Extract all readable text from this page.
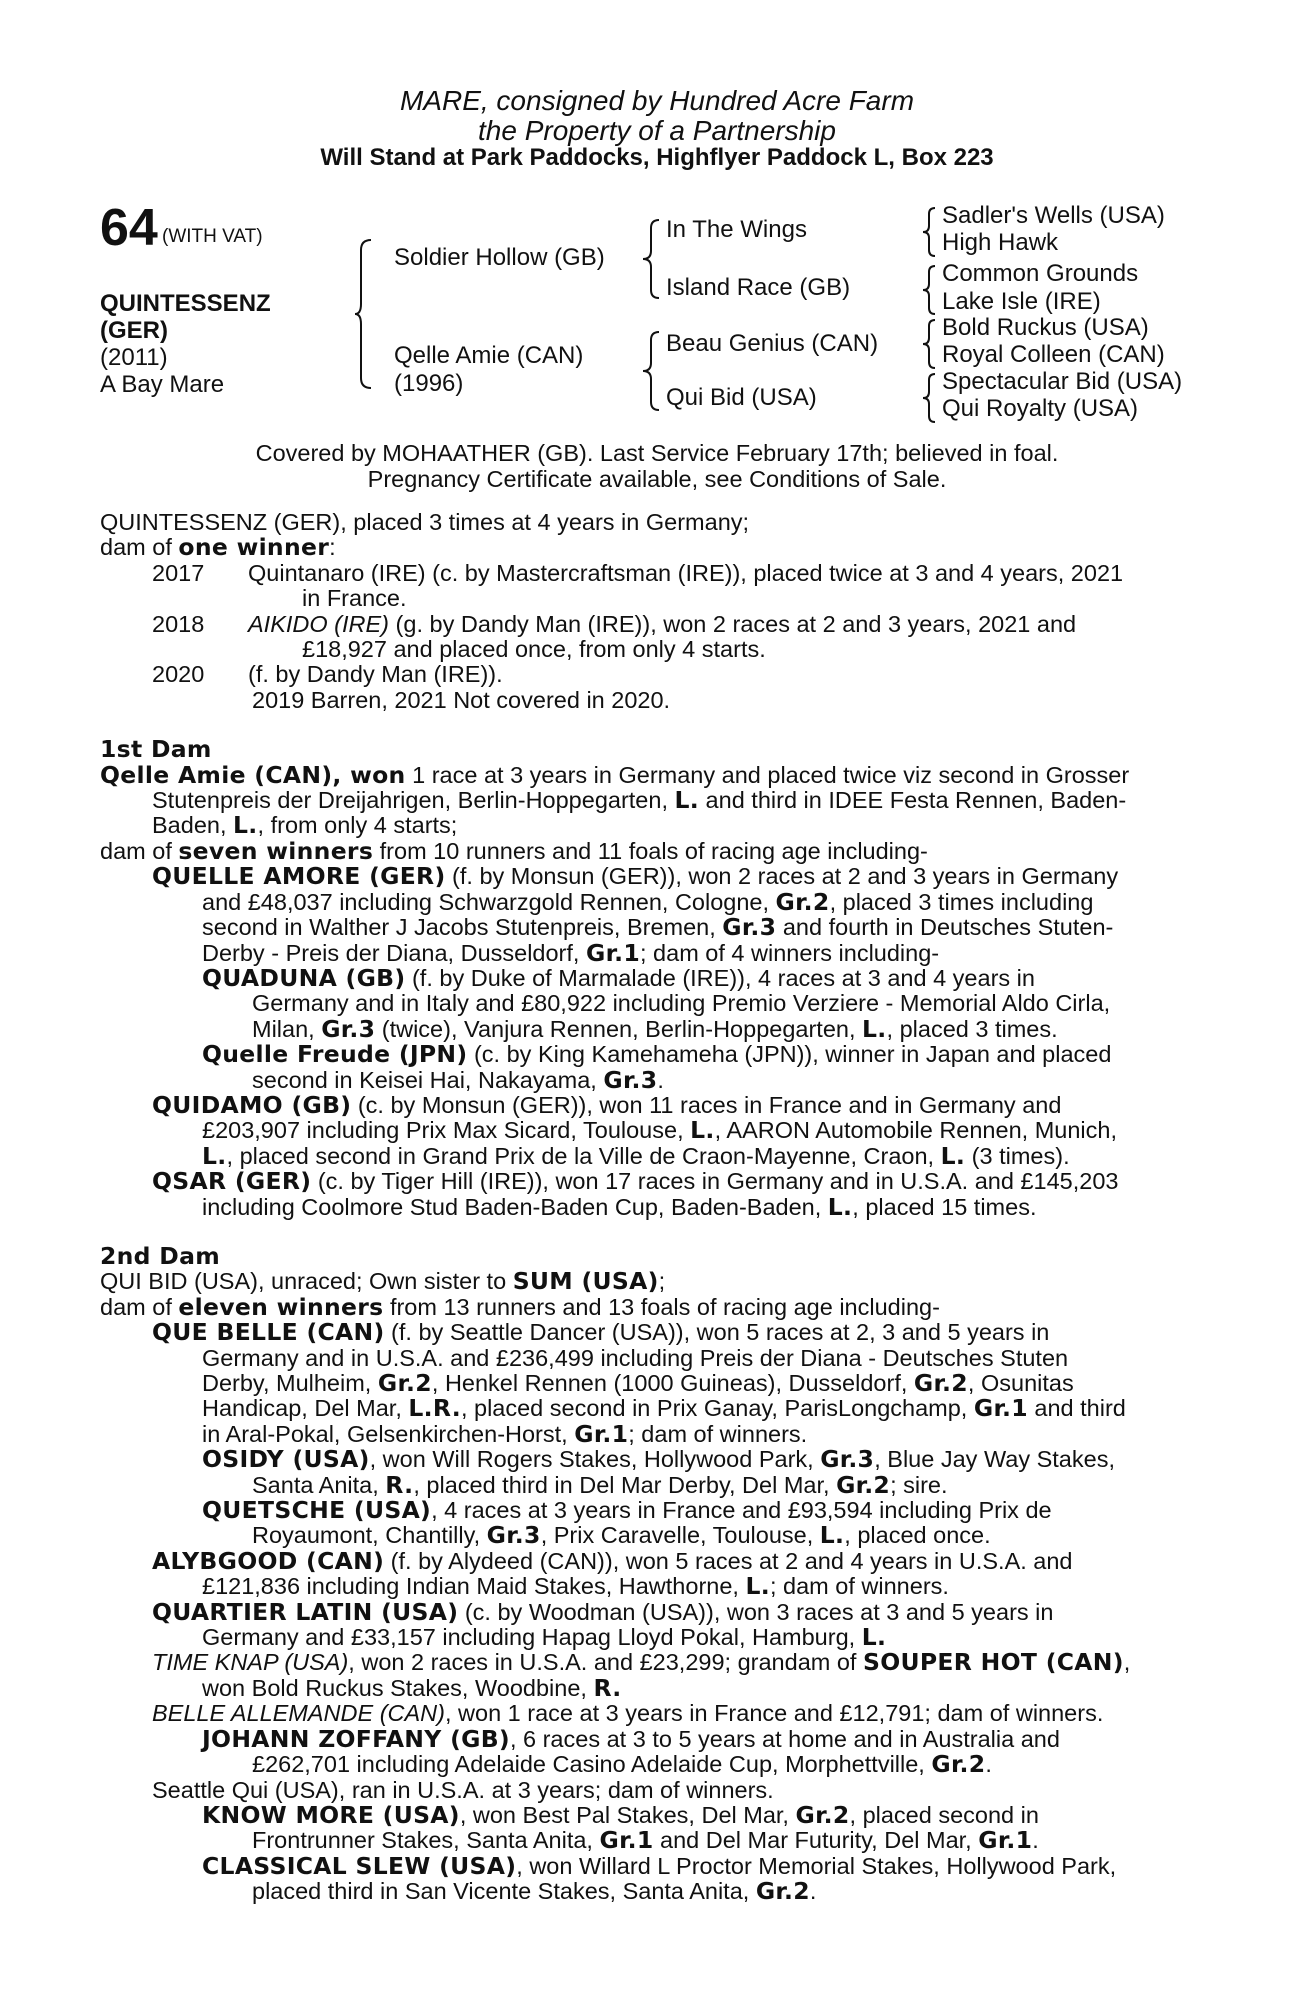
MARE, consigned by Hundred Acre Farm
the Property of a Partnership
Will Stand at Park Paddocks, Highflyer Paddock L, Box 223
64 (WITH VAT)
QUINTESSENZ
(GER)
(2011)
A Bay Mare
Soldier Hollow (GB)
Qelle Amie (CAN)
(1996)
In The Wings
Island Race (GB)
Beau Genius (CAN)
Qui Bid (USA)
Sadler's Wells (USA)
High Hawk
Common Grounds
Lake Isle (IRE)
Bold Ruckus (USA)
Royal Colleen (CAN)
Spectacular Bid (USA)
Qui Royalty (USA)
Covered by MOHAATHER (GB). Last Service February 17th; believed in foal.
Pregnancy Certificate available, see Conditions of Sale.
QUINTESSENZ (GER), placed 3 times at 4 years in Germany;
dam of one winner:
2017 Quintanaro (IRE) (c. by Mastercraftsman (IRE)), placed twice at 3 and 4 years, 2021
in France.
2018 AIKIDO (IRE) (g. by Dandy Man (IRE)), won 2 races at 2 and 3 years, 2021 and
£18,927 and placed once, from only 4 starts.
2020 (f. by Dandy Man (IRE)).
2019 Barren, 2021 Not covered in 2020.
1st Dam
Qelle Amie (CAN), won 1 race at 3 years in Germany and placed twice viz second in Grosser
Stutenpreis der Dreijahrigen, Berlin-Hoppegarten, L. and third in IDEE Festa Rennen, Baden-
Baden, L., from only 4 starts;
dam of seven winners from 10 runners and 11 foals of racing age including-
QUELLE AMORE (GER) (f. by Monsun (GER)), won 2 races at 2 and 3 years in Germany
and £48,037 including Schwarzgold Rennen, Cologne, Gr.2, placed 3 times including
second in Walther J Jacobs Stutenpreis, Bremen, Gr.3 and fourth in Deutsches Stuten-
Derby - Preis der Diana, Dusseldorf, Gr.1; dam of 4 winners including-
QUADUNA (GB) (f. by Duke of Marmalade (IRE)), 4 races at 3 and 4 years in
Germany and in Italy and £80,922 including Premio Verziere - Memorial Aldo Cirla,
Milan, Gr.3 (twice), Vanjura Rennen, Berlin-Hoppegarten, L., placed 3 times.
Quelle Freude (JPN) (c. by King Kamehameha (JPN)), winner in Japan and placed
second in Keisei Hai, Nakayama, Gr.3.
QUIDAMO (GB) (c. by Monsun (GER)), won 11 races in France and in Germany and
£203,907 including Prix Max Sicard, Toulouse, L., AARON Automobile Rennen, Munich,
L., placed second in Grand Prix de la Ville de Craon-Mayenne, Craon, L. (3 times).
QSAR (GER) (c. by Tiger Hill (IRE)), won 17 races in Germany and in U.S.A. and £145,203
including Coolmore Stud Baden-Baden Cup, Baden-Baden, L., placed 15 times.
2nd Dam
QUI BID (USA), unraced; Own sister to SUM (USA);
dam of eleven winners from 13 runners and 13 foals of racing age including-
QUE BELLE (CAN) (f. by Seattle Dancer (USA)), won 5 races at 2, 3 and 5 years in
Germany and in U.S.A. and £236,499 including Preis der Diana - Deutsches Stuten
Derby, Mulheim, Gr.2, Henkel Rennen (1000 Guineas), Dusseldorf, Gr.2, Osunitas
Handicap, Del Mar, L.R., placed second in Prix Ganay, ParisLongchamp, Gr.1 and third
in Aral-Pokal, Gelsenkirchen-Horst, Gr.1; dam of winners.
OSIDY (USA), won Will Rogers Stakes, Hollywood Park, Gr.3, Blue Jay Way Stakes,
Santa Anita, R., placed third in Del Mar Derby, Del Mar, Gr.2; sire.
QUETSCHE (USA), 4 races at 3 years in France and £93,594 including Prix de
Royaumont, Chantilly, Gr.3, Prix Caravelle, Toulouse, L., placed once.
ALYBGOOD (CAN) (f. by Alydeed (CAN)), won 5 races at 2 and 4 years in U.S.A. and
£121,836 including Indian Maid Stakes, Hawthorne, L.; dam of winners.
QUARTIER LATIN (USA) (c. by Woodman (USA)), won 3 races at 3 and 5 years in
Germany and £33,157 including Hapag Lloyd Pokal, Hamburg, L.
TIME KNAP (USA), won 2 races in U.S.A. and £23,299; grandam of SOUPER HOT (CAN),
won Bold Ruckus Stakes, Woodbine, R.
BELLE ALLEMANDE (CAN), won 1 race at 3 years in France and £12,791; dam of winners.
JOHANN ZOFFANY (GB), 6 races at 3 to 5 years at home and in Australia and
£262,701 including Adelaide Casino Adelaide Cup, Morphettville, Gr.2.
Seattle Qui (USA), ran in U.S.A. at 3 years; dam of winners.
KNOW MORE (USA), won Best Pal Stakes, Del Mar, Gr.2, placed second in
Frontrunner Stakes, Santa Anita, Gr.1 and Del Mar Futurity, Del Mar, Gr.1.
CLASSICAL SLEW (USA), won Willard L Proctor Memorial Stakes, Hollywood Park,
placed third in San Vicente Stakes, Santa Anita, Gr.2.
